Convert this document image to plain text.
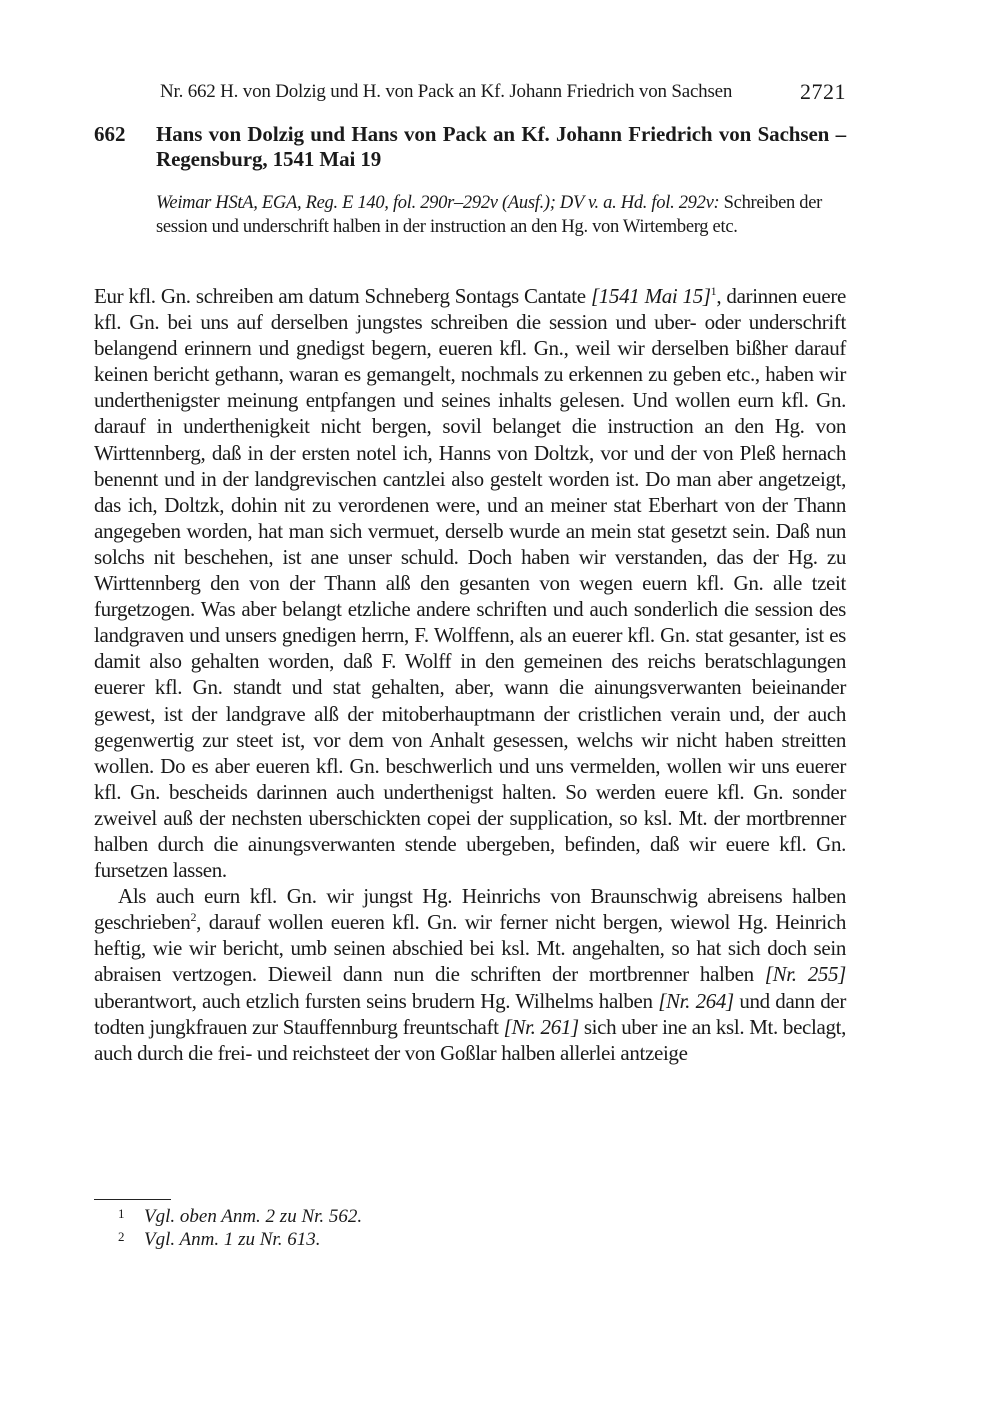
Nr. 662 H. von Dolzig und H. von Pack an Kf. Johann Friedrich von Sachsen	2721
662	Hans von Dolzig und Hans von Pack an Kf. Johann Friedrich von Sachsen – Regensburg, 1541 Mai 19
Weimar HStA, EGA, Reg. E 140, fol. 290r–292v (Ausf.); DV v. a. Hd. fol. 292v: Schreiben der session und underschrift halben in der instruction an den Hg. von Wirtemberg etc.

Eur kfl. Gn. schreiben am datum Schneberg Sontags Cantate [1541 Mai 15]$^1$, darinnen euere kfl. Gn. bei uns auf derselben jungstes schreiben die session und uber- oder underschrift belangend erinnern und gnedigst begern, eueren kfl. Gn., weil wir derselben bißher darauf keinen bericht gethann, waran es gemangelt, nochmals zu erkennen zu geben etc., haben wir underthenigster meinung entpfangen und seines inhalts gelesen. Und wollen eurn kfl. Gn. darauf in underthenigkeit nicht bergen, sovil belanget die instruction an den Hg. von Wirttennberg, daß in der ersten notel ich, Hanns von Doltzk, vor und der von Pleß hernach benennt und in der landgrevischen cantzlei also gestelt worden ist. Do man aber angetzeigt, das ich, Doltzk, dohin nit zu verordenen were, und an meiner stat Eberhart von der Thann angegeben worden, hat man sich vermuet, derselb wurde an mein stat gesetzt sein. Daß nun solchs nit beschehen, ist ane unser schuld. Doch haben wir verstanden, das der Hg. zu Wirttennberg den von der Thann alß den gesanten von wegen euern kfl. Gn. alle tzeit furgetzogen. Was aber belangt etzliche andere schriften und auch sonderlich die session des landgraven und unsers gnedigen herrn, F. Wolffenn, als an euerer kfl. Gn. stat gesanter, ist es damit also gehalten worden, daß F. Wolff in den gemeinen des reichs beratschlagungen euerer kfl. Gn. standt und stat gehalten, aber, wann die ainungsverwanten beieinander gewest, ist der landgrave alß der mitoberhauptmann der cristlichen verain und, der auch gegenwertig zur steet ist, vor dem von Anhalt gesessen, welchs wir nicht haben streitten wollen. Do es aber eueren kfl. Gn. beschwerlich und uns vermelden, wollen wir uns euerer kfl. Gn. bescheids darinnen auch underthenigst halten. So werden euere kfl. Gn. sonder zweivel auß der nechsten uberschickten copei der supplication, so ksl. Mt. der mortbrenner halben durch die ainungsverwanten stende ubergeben, befinden, daß wir euere kfl. Gn. fursetzen lassen.

Als auch eurn kfl. Gn. wir jungst Hg. Heinrichs von Braunschwig abreisens halben geschrieben$^2$, darauf wollen eueren kfl. Gn. wir ferner nicht bergen, wiewol Hg. Heinrich heftig, wie wir bericht, umb seinen abschied bei ksl. Mt. angehalten, so hat sich doch sein abraisen vertzogen. Dieweil dann nun die schriften der mortbrenner halben [Nr. 255] uberantwort, auch etzlich fursten seins brudern Hg. Wilhelms halben [Nr. 264] und dann der todten jungkfrauen zur Stauffennburg freuntschaft [Nr. 261] sich uber ine an ksl. Mt. beclagt, auch durch die frei- und reichsteet der von Goßlar halben allerlei antzeige

1	Vgl. oben Anm. 2 zu Nr. 562.
2	Vgl. Anm. 1 zu Nr. 613.
